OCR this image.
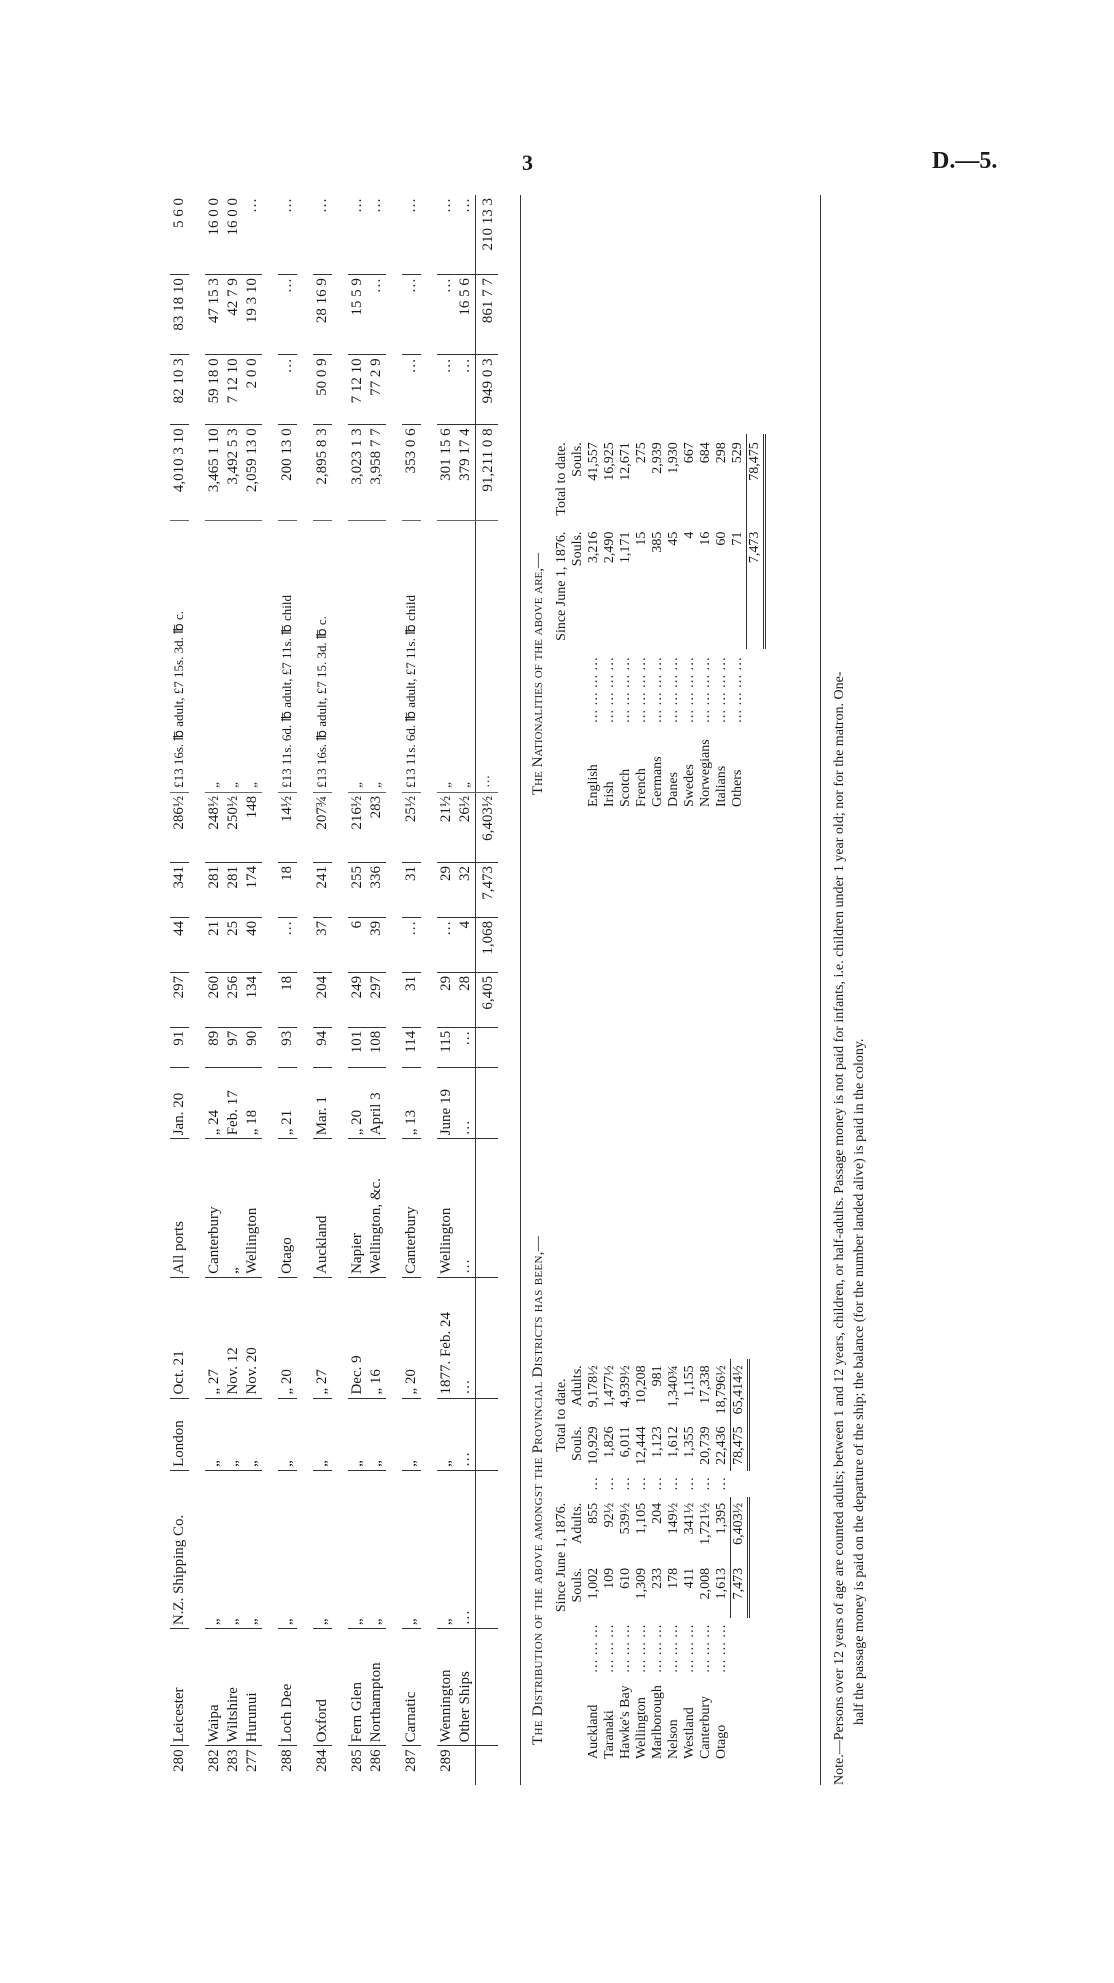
3	D.—5.
280	Leicester	N.Z. Shipping Co.	London	Oct. 21	All ports	Jan. 20	91	297	44	341	286½	£13 16s. ℔ adult, £7 15s. 3d. ℔ c.	4,010 3 10	82 10 3	83 18 10	5 6 0

282	Waipa	„	„	„ 27	Canterbury	„ 24	89	260	21	281	248½	„	3,465 1 10	59 18 0	47 15 3	16 0 0
283	Wiltshire	„	„	Nov. 12	„	Feb. 17	97	256	25	281	250½	„	3,492 5 3	7 12 10	42 7 9	16 0 0
277	Hurunui	„	„	Nov. 20	Wellington	„ 18	90	134	40	174	148	„	2,059 13 0	2 0 0	19 3 10	…

288	Loch Dee	„	„	„ 20	Otago	„ 21	93	18	…	18	14½	£13 11s. 6d. ℔ adult, £7 11s. ℔ child	200 13 0	…	…	…

284	Oxford	„	„	„ 27	Auckland	Mar. 1	94	204	37	241	207¾	£13 16s. ℔ adult, £7 15. 3d. ℔ c.	2,895 8 3	50 0 9	28 16 9	…

285	Fern Glen	„	„	Dec. 9	Napier	„ 20	101	249	6	255	216½	„	3,023 1 3	7 12 10	15 5 9	…
286	Northampton	„	„	„ 16	Wellington, &c.	April 3	108	297	39	336	283	„	3,958 7 7	77 2 9	…	…

287	Carnatic	„	„	„ 20	Canterbury	„ 13	114	31	…	31	25½	£13 11s. 6d. ℔ adult, £7 11s. ℔ child	353 0 6	…	…	…

289	Wennington	„	„	1877. Feb. 24	Wellington	June 19	115	29	…	29	21½	„	301 15 6	…	…	…
	Other Ships	…	…	…	…	…	…	28	4	32	26½	„	379 17 4	…	16 5 6	…
								6,405	1,068	7,473	6,403½	…	91,211 0 8	949 0 3	861 7 7	210 13 3
The Distribution of the above amongst the Provincial Districts has been,—
		Since June 1, 1876.			Total to date.	
		Souls.	Adults.		Souls.	Adults.
Auckland	… … …	1,002	855	…	10,929	9,178½
Taranaki	… … …	109	92½	…	1,826	1,477½
Hawke's Bay	… … …	610	539½	…	6,011	4,939½
Wellington	… … …	1,309	1,105	…	12,444	10,208
Marlborough	… … …	233	204	…	1,123	981
Nelson	… … …	178	149½	…	1,612	1,340¾
Westland	… … …	411	341½	…	1,355	1,155
Canterbury	… … …	2,008	1,721½	…	20,739	17,338
Otago	… … …	1,613	1,395	…	22,436	18,796½
		7,473	6,403½		78,475	65,414½
The Nationalities of the above are,—
		Since June 1, 1876.	Total to date.
		Souls.	Souls.
English	… … … …	3,216	41,557
Irish	… … … …	2,490	16,925
Scotch	… … … …	1,171	12,671
French	… … … …	15	275
Germans	… … … …	385	2,939
Danes	… … … …	45	1,930
Swedes	… … … …	4	667
Norwegians	… … … …	16	684
Italians	… … … …	60	298
Others	… … … …	71	529
		7,473	78,475
Note.—Persons over 12 years of age are counted adults; between 1 and 12 years, children, or half-adults. Passage money is not paid for infants, i.e. children under 1 year old; nor for the matron. One- half the passage money is paid on the departure of the ship; the balance (for the number landed alive) is paid in the colony.
